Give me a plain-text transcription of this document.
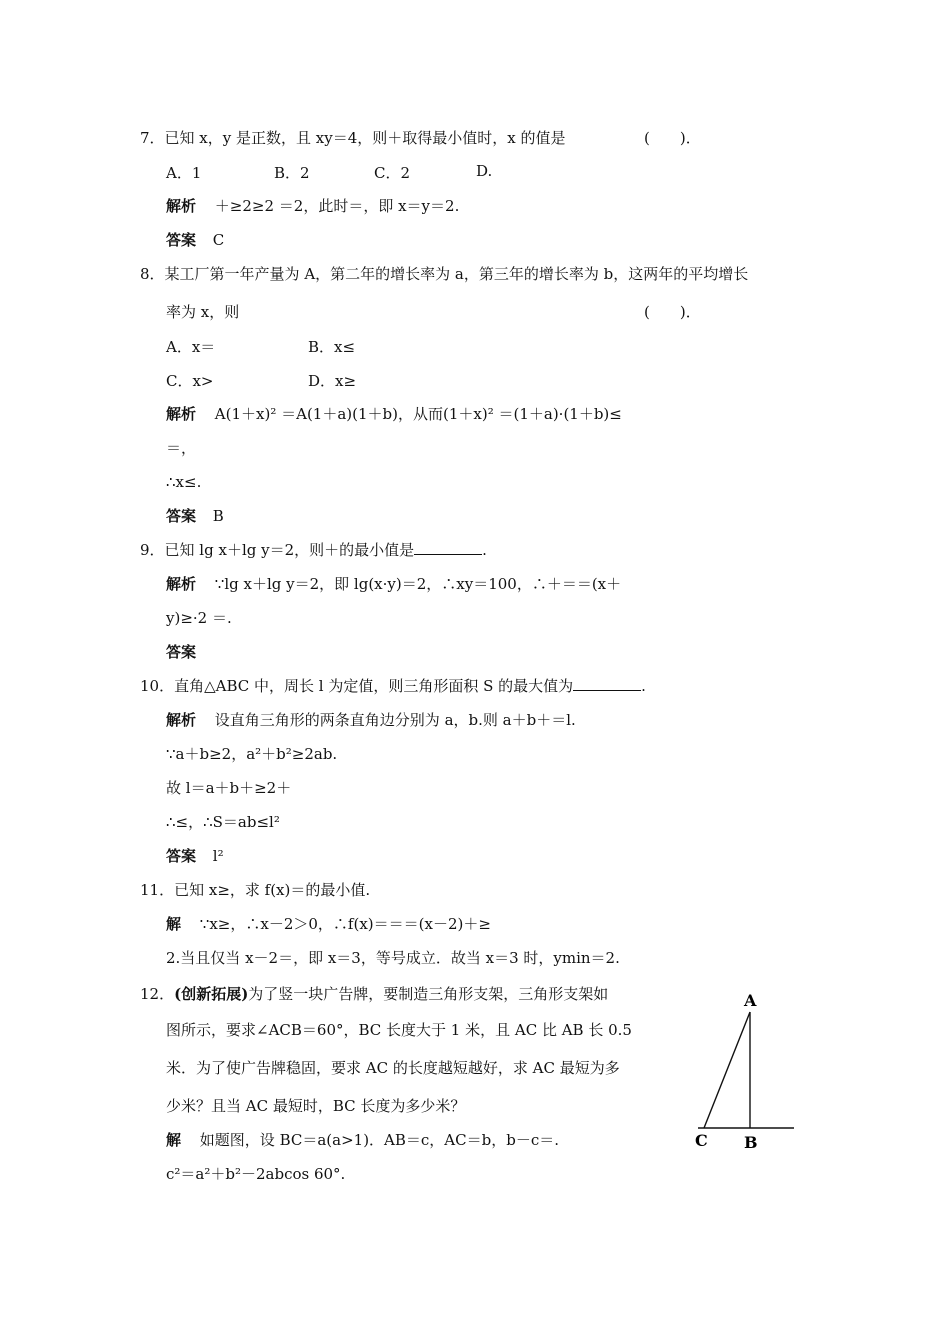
7．已知 x，y 是正数，且 xy＝4，则＋取得最小值时，x 的值是	(　　)．
A．1	B．2	C．2	D.
解析 ＋≥2≥2 ＝2，此时＝，即 x＝y＝2.
答案 C
8．某工厂第一年产量为 A，第二年的增长率为 a，第三年的增长率为 b，这两年的平均增长
率为 x，则	(　　)．
A．x＝	B．x≤
C．x>	D．x≥
解析 A(1＋x)² ＝A(1＋a)(1＋b)，从而(1＋x)² ＝(1＋a)·(1＋b)≤
＝，
∴x≤.
答案 B
9．已知 lg x＋lg y＝2，则＋的最小值是	.
解析 ∵lg x＋lg y＝2，即 lg(x·y)＝2，∴xy＝100，∴＋＝＝(x＋
y)≥·2 ＝.
答案
10．直角△ABC 中，周长 l 为定值，则三角形面积 S 的最大值为	.
解析 设直角三角形的两条直角边分别为 a，b.则 a＋b＋＝l.
∵a＋b≥2，a²＋b²≥2ab.
故 l＝a＋b＋≥2＋
∴≤，∴S＝ab≤l²
答案 l²
11．已知 x≥，求 f(x)＝的最小值.
解 ∵x≥，∴x－2＞0，∴f(x)＝＝＝(x－2)＋≥
2.当且仅当 x－2＝，即 x＝3，等号成立．故当 x＝3 时，ymin＝2.
12．(创新拓展)为了竖一块广告牌，要制造三角形支架，三角形支架如
图所示，要求∠ACB＝60°，BC 长度大于 1 米，且 AC 比 AB 长 0.5
米．为了使广告牌稳固，要求 AC 的长度越短越好，求 AC 最短为多
少米？且当 AC 最短时，BC 长度为多少米？
解 如题图，设 BC＝a(a>1)．AB＝c，AC＝b，b－c＝.
c²＝a²＋b²－2abcos 60°.
A
B
C
